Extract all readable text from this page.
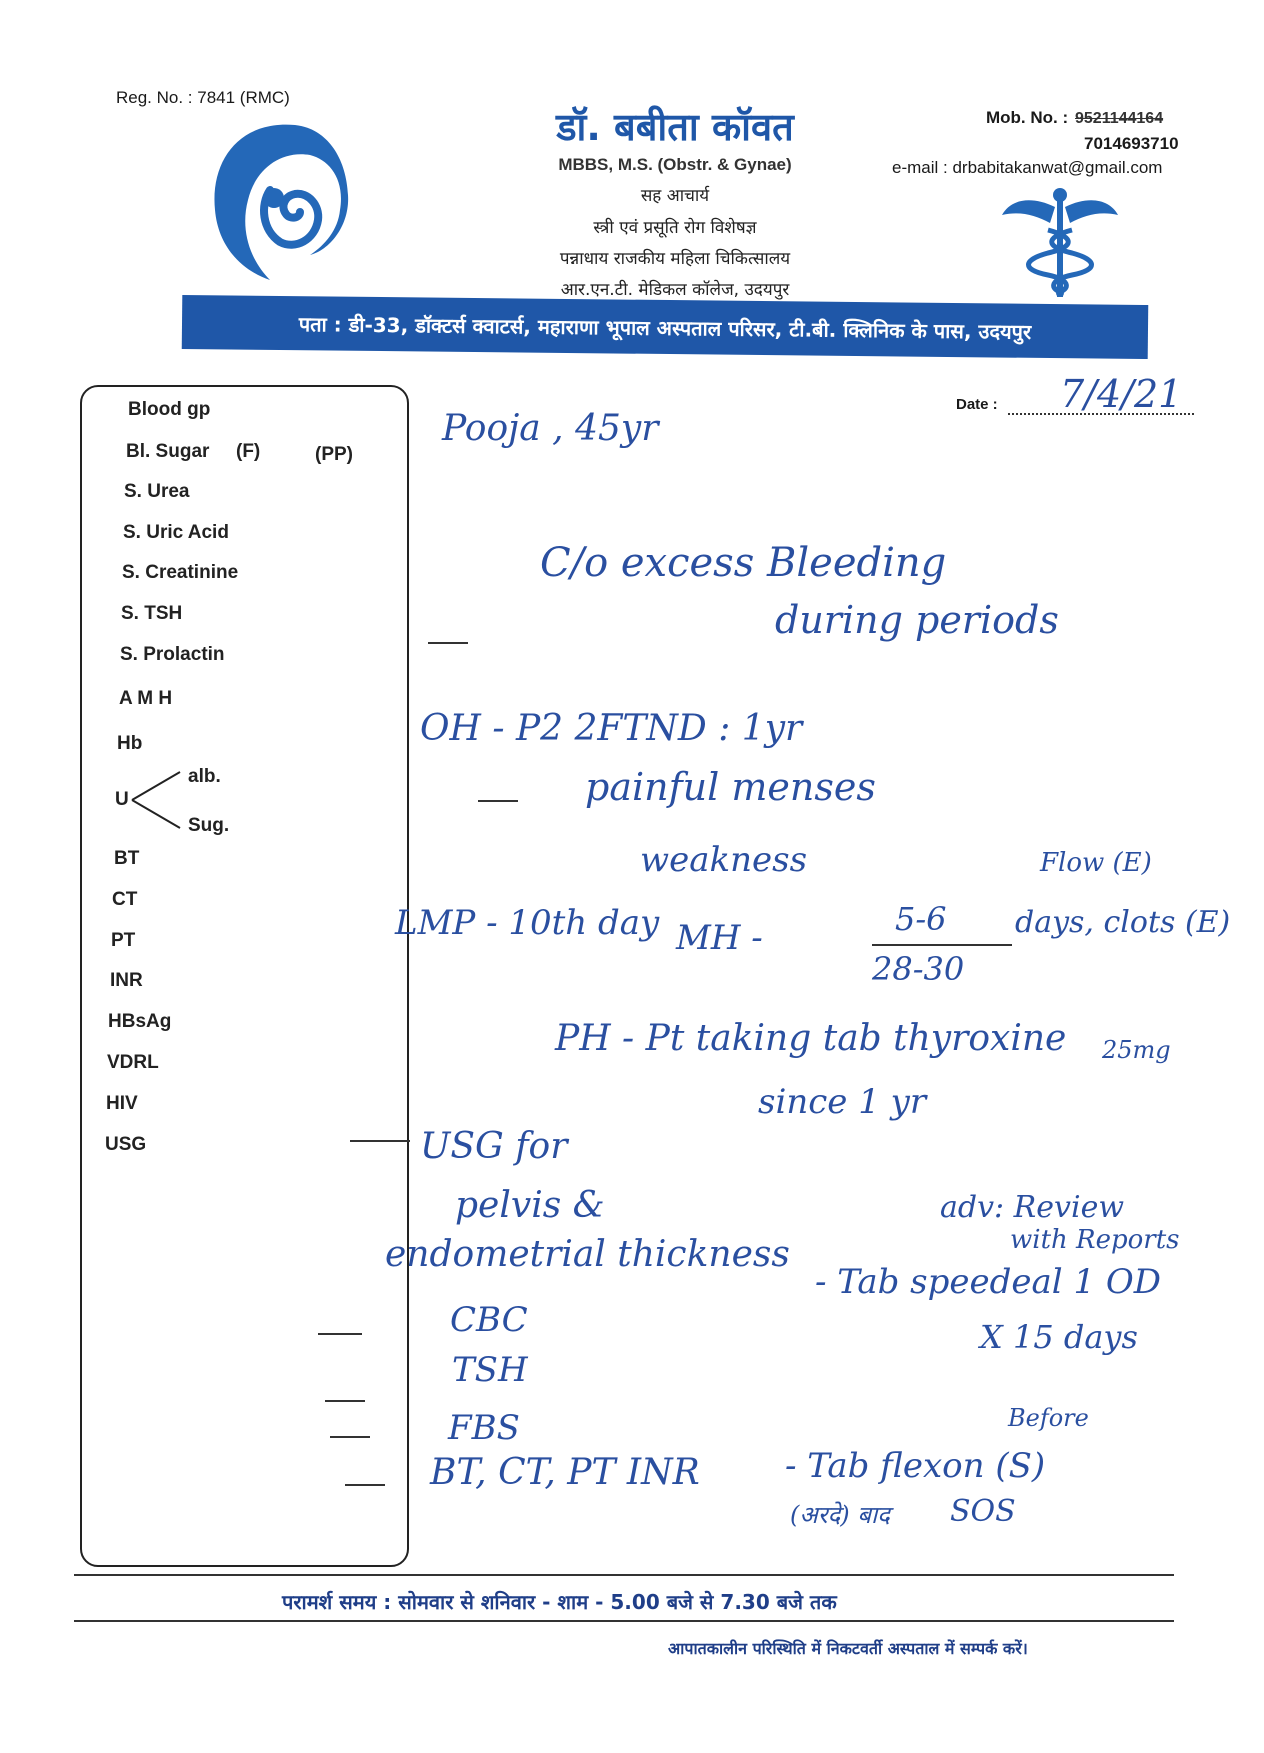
Reg. No. : 7841 (RMC)
डॉ. बबीता कॉवत
MBBS, M.S. (Obstr. & Gynae)
सह आचार्य
स्त्री एवं प्रसूति रोग विशेषज्ञ
पन्नाधाय राजकीय महिला चिकित्सालय
आर.एन.टी. मेडिकल कॉलेज, उदयपुर
Mob. No. : 9521144164
7014693710
e-mail : drbabitakanwat@gmail.com
पता : डी-33, डॉक्टर्स क्वाटर्स, महाराणा भूपाल अस्पताल परिसर, टी.बी. क्लिनिक के पास, उदयपुर
Blood gp
Bl. Sugar (F)	(PP)
S. Urea
S. Uric Acid
S. Creatinine
S. TSH
S. Prolactin
A M H
Hb
U
alb.
Sug.
BT
CT
PT
INR
HBsAg
VDRL
HIV
USG
Date : 7/4/21
Pooja , 45yr
C/o excess Bleeding
during periods
OH - P2 2FTND : 1yr
painful menses
weakness	Flow (E)
LMP - 10th day MH -	5-6
28-30
days, clots (E)
PH - Pt taking tab thyroxine 25mg
since 1 yr
USG for
pelvis &
endometrial thickness
adv: Review
with Reports
- Tab speedeal 1 OD
X 15 days
CBC
TSH
FBS
BT, CT, PT INR
Before
- Tab flexon (S)
SOS
(अरदे) बाद
परामर्श समय : सोमवार से शनिवार - शाम - 5.00 बजे से 7.30 बजे तक
आपातकालीन परिस्थिति में निकटवर्ती अस्पताल में सम्पर्क करें।
